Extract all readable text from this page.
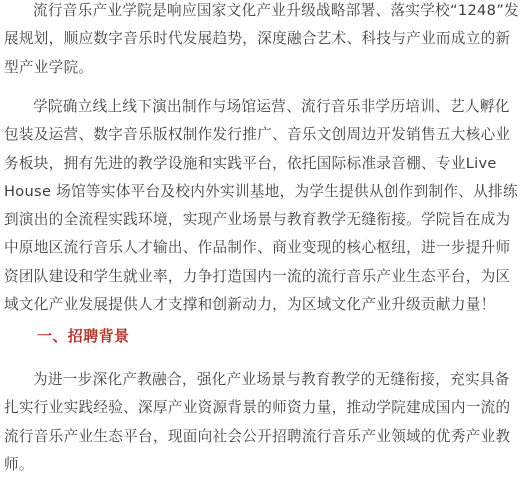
流行音乐产业学院是响应国家文化产业升级战略部署、落实学校“1248”发
展规划，顺应数字音乐时代发展趋势，深度融合艺术、科技与产业而成立的新
型产业学院。

学院确立线上线下演出制作与场馆运营、流行音乐非学历培训、艺人孵化
包装及运营、数字音乐版权制作发行推广、音乐文创周边开发销售五大核心业
务板块，拥有先进的教学设施和实践平台，依托国际标准录音棚、专业Live
House 场馆等实体平台及校内外实训基地，为学生提供从创作到制作、从排练
到演出的全流程实践环境，实现产业场景与教育教学无缝衔接。学院旨在成为
中原地区流行音乐人才输出、作品制作、商业变现的核心枢纽，进一步提升师
资团队建设和学生就业率，力争打造国内一流的流行音乐产业生态平台，为区
域文化产业发展提供人才支撑和创新动力，为区域文化产业升级贡献力量！

一、招聘背景

为进一步深化产教融合，强化产业场景与教育教学的无缝衔接，充实具备
扎实行业实践经验、深厚产业资源背景的师资力量，推动学院建成国内一流的
流行音乐产业生态平台，现面向社会公开招聘流行音乐产业领域的优秀产业教
师。
